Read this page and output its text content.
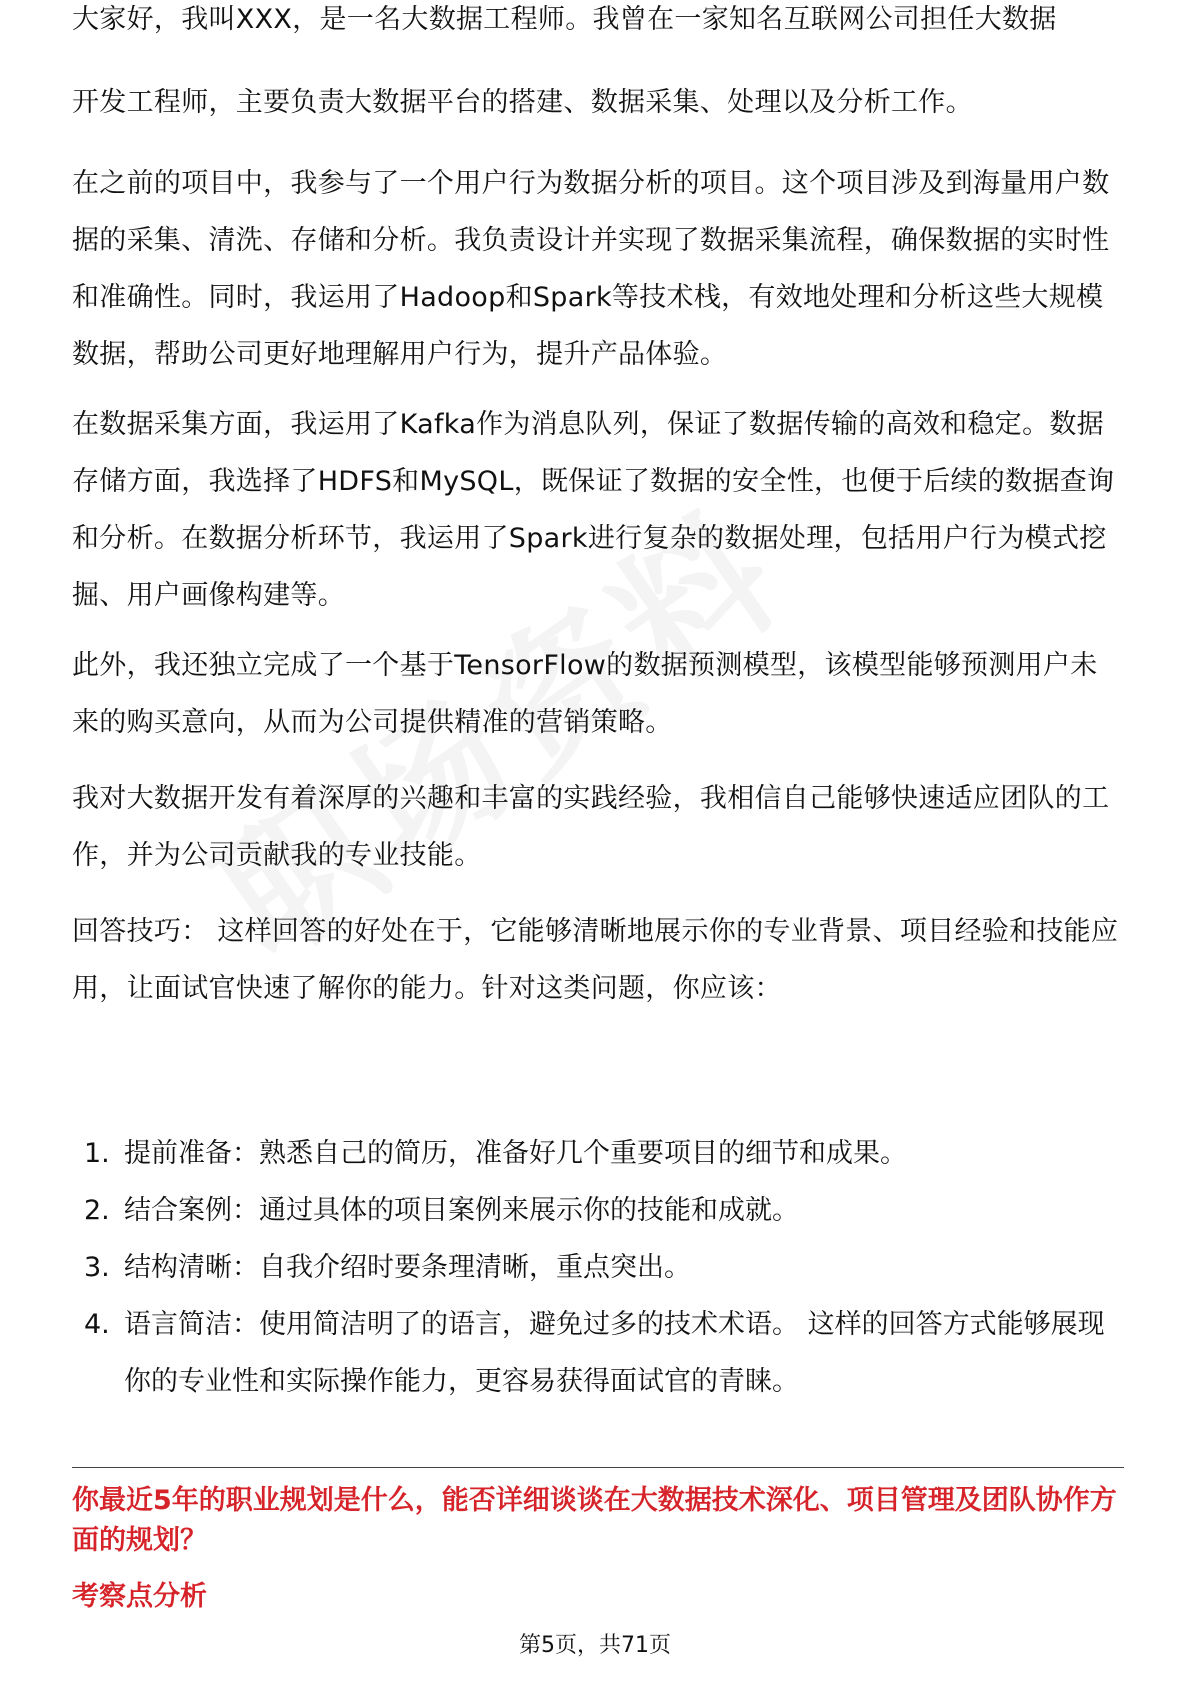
大家好，我叫XXX，是一名大数据工程师。我曾在一家知名互联网公司担任大数据

开发工程师，主要负责大数据平台的搭建、数据采集、处理以及分析工作。

在之前的项目中，我参与了一个用户行为数据分析的项目。这个项目涉及到海量用户数据的采集、清洗、存储和分析。我负责设计并实现了数据采集流程，确保数据的实时性和准确性。同时，我运用了Hadoop和Spark等技术栈，有效地处理和分析这些大规模数据，帮助公司更好地理解用户行为，提升产品体验。

在数据采集方面，我运用了Kafka作为消息队列，保证了数据传输的高效和稳定。数据存储方面，我选择了HDFS和MySQL，既保证了数据的安全性，也便于后续的数据查询和分析。在数据分析环节，我运用了Spark进行复杂的数据处理，包括用户行为模式挖掘、用户画像构建等。

此外，我还独立完成了一个基于TensorFlow的数据预测模型，该模型能够预测用户未来的购买意向，从而为公司提供精准的营销策略。

我对大数据开发有着深厚的兴趣和丰富的实践经验，我相信自己能够快速适应团队的工作，并为公司贡献我的专业技能。

回答技巧： 这样回答的好处在于，它能够清晰地展示你的专业背景、项目经验和技能应用，让面试官快速了解你的能力。针对这类问题，你应该：

1. 提前准备：熟悉自己的简历，准备好几个重要项目的细节和成果。
2. 结合案例：通过具体的项目案例来展示你的技能和成就。
3. 结构清晰：自我介绍时要条理清晰，重点突出。
4. 语言简洁：使用简洁明了的语言，避免过多的技术术语。 这样的回答方式能够展现你的专业性和实际操作能力，更容易获得面试官的青睐。

你最近5年的职业规划是什么，能否详细谈谈在大数据技术深化、项目管理及团队协作方面的规划？

考察点分析

第5页，共71页
